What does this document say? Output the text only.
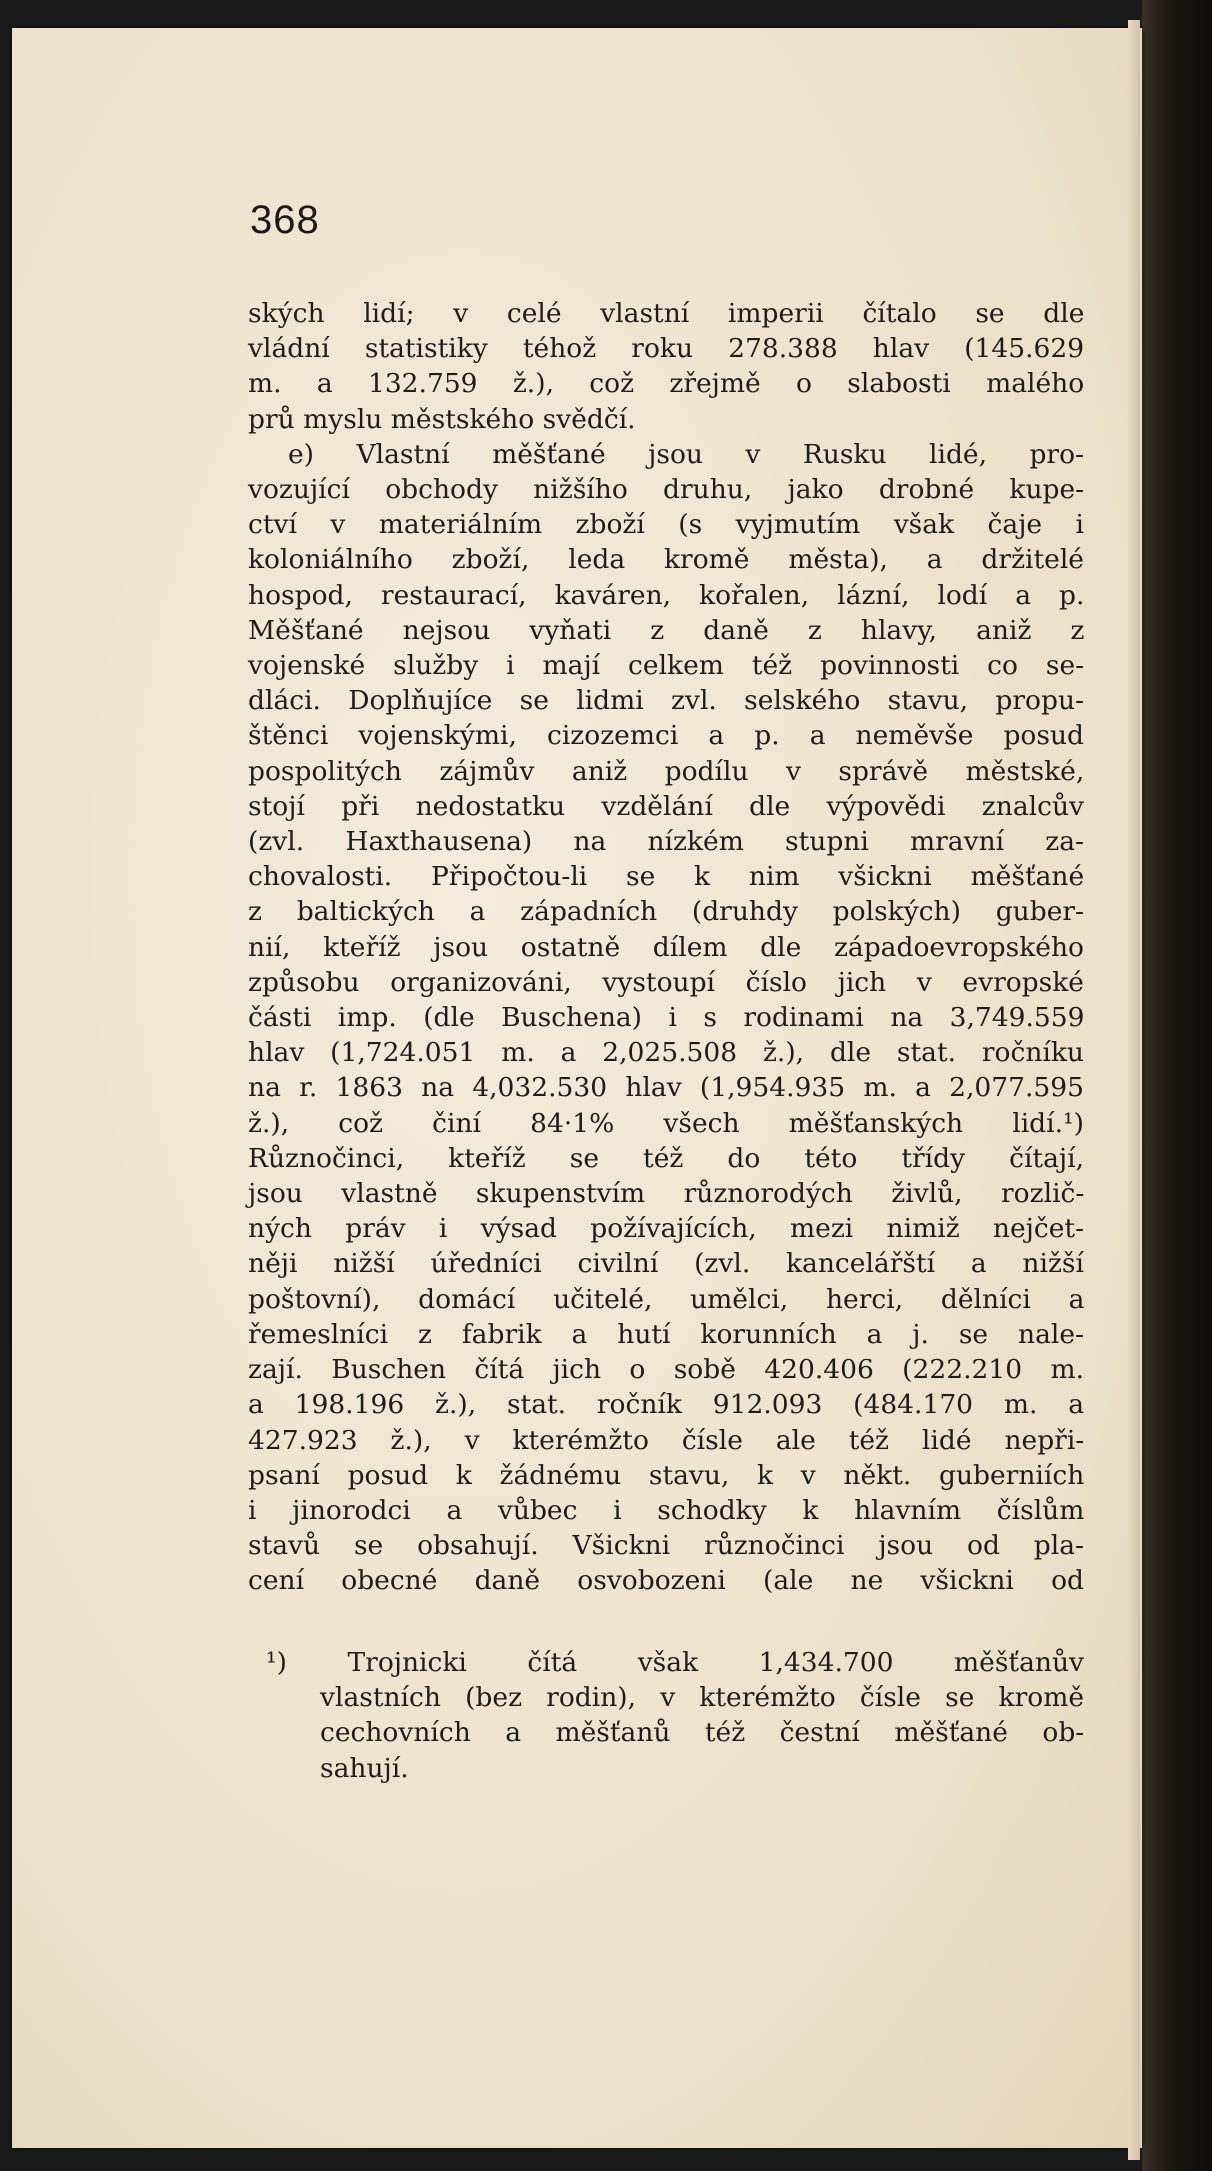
368
ských lidí; v celé vlastní imperii čítalo se dle
vládní statistiky téhož roku 278.388 hlav (145.629
m. a 132.759 ž.), což zřejmě o slabosti malého
prů myslu městského svědčí.
e) Vlastní měšťané jsou v Rusku lidé, pro-
vozující obchody nižšího druhu, jako drobné kupe-
ctví v materiálním zboží (s vyjmutím však čaje i
koloniálního zboží, leda kromě města), a držitelé
hospod, restaurací, kaváren, kořalen, lázní, lodí a p.
Měšťané nejsou vyňati z daně z hlavy, aniž z
vojenské služby i mají celkem též povinnosti co se-
dláci. Doplňujíce se lidmi zvl. selského stavu, propu-
štěnci vojenskými, cizozemci a p. a neměvše posud
pospolitých zájmův aniž podílu v správě městské,
stojí při nedostatku vzdělání dle výpovědi znalcův
(zvl. Haxthausena) na nízkém stupni mravní za-
chovalosti. Připočtou-li se k nim všickni měšťané
z baltických a západních (druhdy polských) guber-
nií, kteříž jsou ostatně dílem dle západoevropského
způsobu organizováni, vystoupí číslo jich v evropské
části imp. (dle Buschena) i s rodinami na 3,749.559
hlav (1,724.051 m. a 2,025.508 ž.), dle stat. ročníku
na r. 1863 na 4,032.530 hlav (1,954.935 m. a 2,077.595
ž.), což činí 84·1% všech měšťanských lidí.¹)
Různočinci, kteříž se též do této třídy čítají,
jsou vlastně skupenstvím různorodých živlů, rozlič-
ných práv i výsad požívajících, mezi nimiž nejčet-
něji nižší úředníci civilní (zvl. kancelářští a nižší
poštovní), domácí učitelé, umělci, herci, dělníci a
řemeslníci z fabrik a hutí korunních a j. se nale-
zají. Buschen čítá jich o sobě 420.406 (222.210 m.
a 198.196 ž.), stat. ročník 912.093 (484.170 m. a
427.923 ž.), v kterémžto čísle ale též lidé nepři-
psaní posud k žádnému stavu, k v někt. guberniích
i jinorodci a vůbec i schodky k hlavním číslům
stavů se obsahují. Všickni různočinci jsou od pla-
cení obecné daně osvobozeni (ale ne všickni od
¹) Trojnicki čítá však 1,434.700 měšťanův
vlastních (bez rodin), v kterémžto čísle se kromě
cechovních a měšťanů též čestní měšťané ob-
sahují.
